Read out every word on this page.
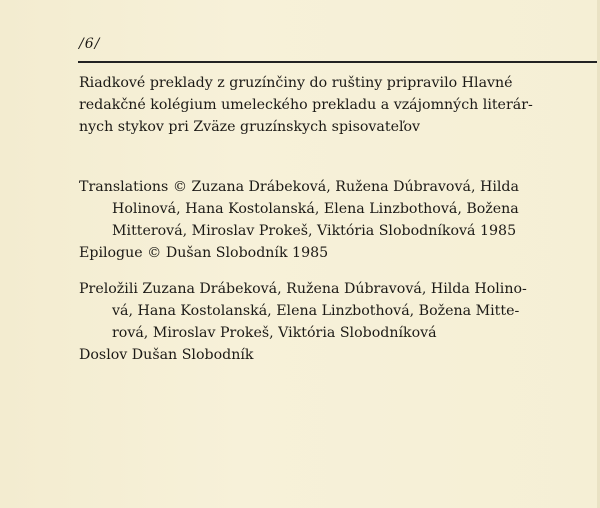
/6/
Riadkové preklady z gruzínčiny do ruštiny pripravilo Hlavné
redakčné kolégium umeleckého prekladu a vzájomných literár-
nych stykov pri Zväze gruzínskych spisovateľov
Translations © Zuzana Drábeková, Ružena Dúbravová, Hilda
Holinová, Hana Kostolanská, Elena Linzbothová, Božena
Mitterová, Miroslav Prokeš, Viktória Slobodníková 1985
Epilogue © Dušan Slobodník 1985
Preložili Zuzana Drábeková, Ružena Dúbravová, Hilda Holino-
vá, Hana Kostolanská, Elena Linzbothová, Božena Mitte-
rová, Miroslav Prokeš, Viktória Slobodníková
Doslov Dušan Slobodník
